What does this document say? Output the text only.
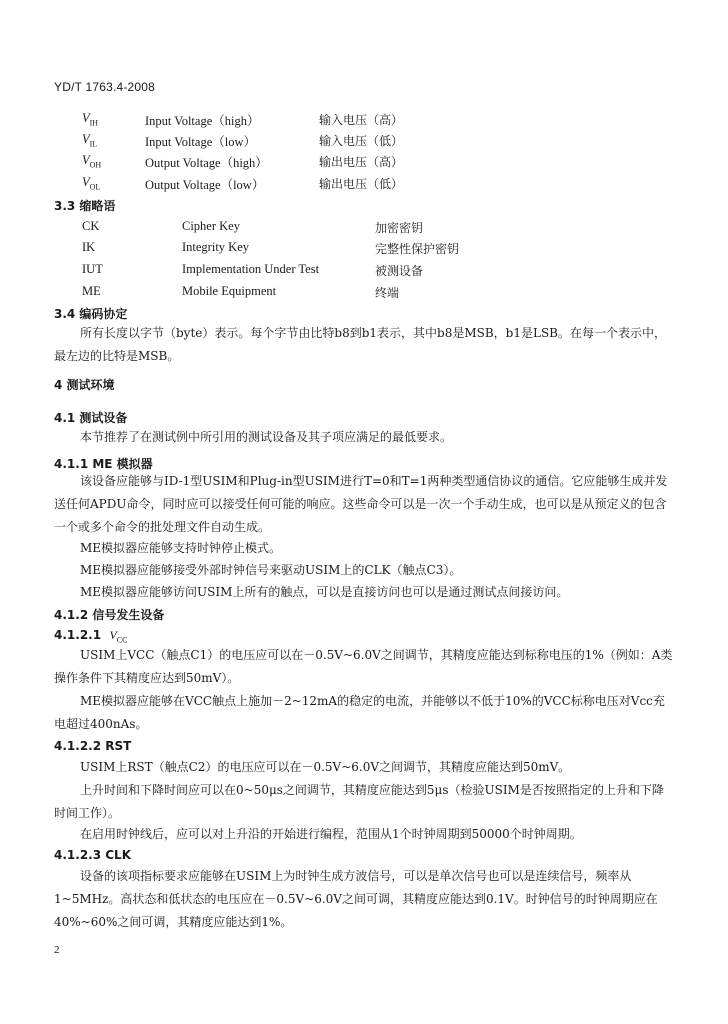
YD/T 1763.4-2008
$V_{IH}$	Input Voltage（high）	输入电压（高）
$V_{IL}$	Input Voltage（low）	输入电压（低）
$V_{OH}$	Output Voltage（high）	输出电压（高）
$V_{OL}$	Output Voltage（low）	输出电压（低）
3.3 缩略语
CK	Cipher Key	加密密钥
IK	Integrity Key	完整性保护密钥
IUT	Implementation Under Test	被测设备
ME	Mobile Equipment	终端
3.4 编码协定
所有长度以字节（byte）表示。每个字节由比特b8到b1表示，其中b8是MSB，b1是LSB。在每一个表示中，最左边的比特是MSB。
4 测试环境
4.1 测试设备
本节推荐了在测试例中所引用的测试设备及其子项应满足的最低要求。
4.1.1 ME 模拟器
该设备应能够与ID-1型USIM和Plug-in型USIM进行T=0和T=1两种类型通信协议的通信。它应能够生成并发送任何APDU命令，同时应可以接受任何可能的响应。这些命令可以是一次一个手动生成，也可以是从预定义的包含一个或多个命令的批处理文件自动生成。
ME模拟器应能够支持时钟停止模式。
ME模拟器应能够接受外部时钟信号来驱动USIM上的CLK（触点C3）。
ME模拟器应能够访问USIM上所有的触点，可以是直接访问也可以是通过测试点间接访问。
4.1.2 信号发生设备
4.1.2.1 $V_{CC}$
USIM上VCC（触点C1）的电压应可以在－0.5V~6.0V之间调节，其精度应能达到标称电压的1%（例如：A类操作条件下其精度应达到50mV）。
ME模拟器应能够在VCC触点上施加－2~12mA的稳定的电流，并能够以不低于10%的VCC标称电压对Vcc充电超过400nAs。
4.1.2.2 RST
USIM上RST（触点C2）的电压应可以在－0.5V~6.0V之间调节，其精度应能达到50mV。
上升时间和下降时间应可以在0~50μs之间调节，其精度应能达到5μs（检验USIM是否按照指定的上升和下降时间工作）。
在启用时钟线后，应可以对上升沿的开始进行编程，范围从1个时钟周期到50000个时钟周期。
4.1.2.3 CLK
设备的该项指标要求应能够在USIM上为时钟生成方波信号，可以是单次信号也可以是连续信号，频率从1~5MHz。高状态和低状态的电压应在－0.5V~6.0V之间可调，其精度应能达到0.1V。时钟信号的时钟周期应在40%~60%之间可调，其精度应能达到1%。
2
